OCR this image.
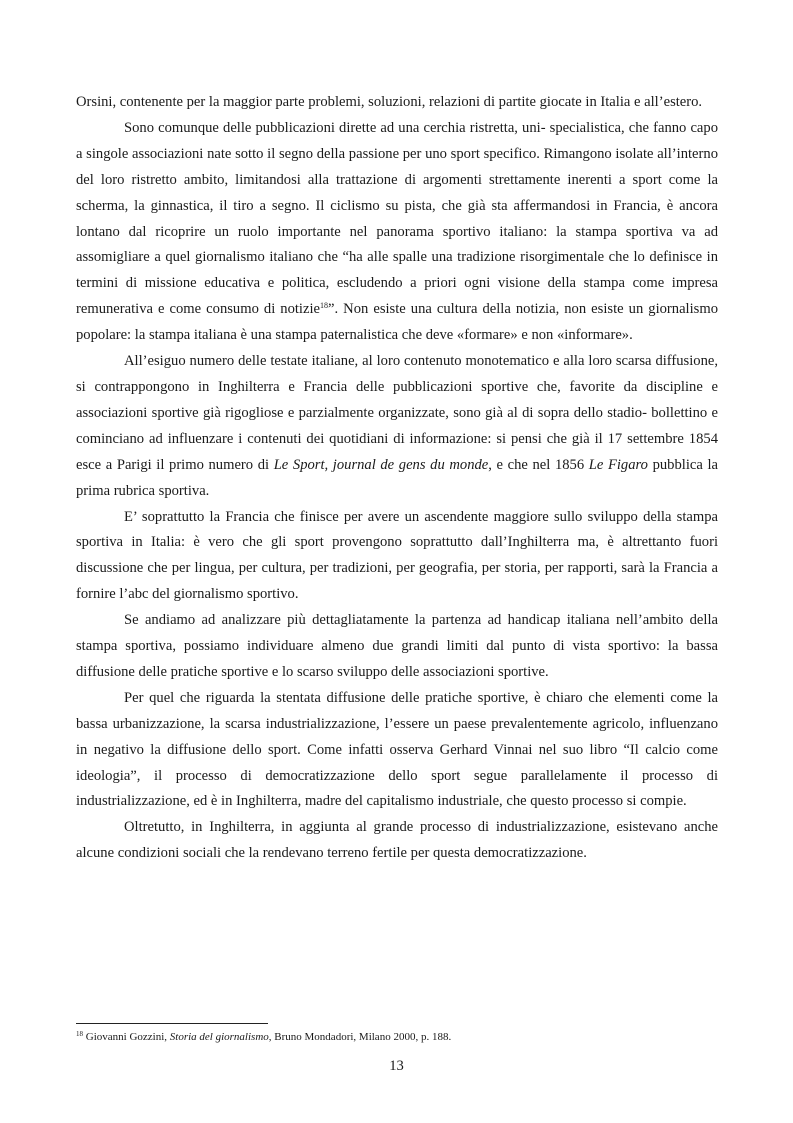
Orsini, contenente per la maggior parte problemi, soluzioni, relazioni di partite giocate in Italia e all’estero.

Sono comunque delle pubblicazioni dirette ad una cerchia ristretta, uni- specialistica, che fanno capo a singole associazioni nate sotto il segno della passione per uno sport specifico. Rimangono isolate all’interno del loro ristretto ambito, limitandosi alla trattazione di argomenti strettamente inerenti a sport come la scherma, la ginnastica, il tiro a segno. Il ciclismo su pista, che già sta affermandosi in Francia, è ancora lontano dal ricoprire un ruolo importante nel panorama sportivo italiano: la stampa sportiva va ad assomigliare a quel giornalismo italiano che “ha alle spalle una tradizione risorgimentale che lo definisce in termini di missione educativa e politica, escludendo a priori ogni visione della stampa come impresa remunerativa e come consumo di notizie$^{18}$”. Non esiste una cultura della notizia, non esiste un giornalismo popolare: la stampa italiana è una stampa paternalistica che deve «formare» e non «informare».

All’esiguo numero delle testate italiane, al loro contenuto monotematico e alla loro scarsa diffusione, si contrappongono in Inghilterra e Francia delle pubblicazioni sportive che, favorite da discipline e associazioni sportive già rigogliose e parzialmente organizzate, sono già al di sopra dello stadio- bollettino e cominciano ad influenzare i contenuti dei quotidiani di informazione: si pensi che già il 17 settembre 1854 esce a Parigi il primo numero di Le Sport, journal de gens du monde, e che nel 1856 Le Figaro pubblica la prima rubrica sportiva.

E’ soprattutto la Francia che finisce per avere un ascendente maggiore sullo sviluppo della stampa sportiva in Italia: è vero che gli sport provengono soprattutto dall’Inghilterra ma, è altrettanto fuori discussione che per lingua, per cultura, per tradizioni, per geografia, per storia, per rapporti, sarà la Francia a fornire l’abc del giornalismo sportivo.

Se andiamo ad analizzare più dettagliatamente la partenza ad handicap italiana nell’ambito della stampa sportiva, possiamo individuare almeno due grandi limiti dal punto di vista sportivo: la bassa diffusione delle pratiche sportive e lo scarso sviluppo delle associazioni sportive.

Per quel che riguarda la stentata diffusione delle pratiche sportive, è chiaro che elementi come la bassa urbanizzazione, la scarsa industrializzazione, l’essere un paese prevalentemente agricolo, influenzano in negativo la diffusione dello sport. Come infatti osserva Gerhard Vinnai nel suo libro “Il calcio come ideologia”, il processo di democratizzazione dello sport segue parallelamente il processo di industrializzazione, ed è in Inghilterra, madre del capitalismo industriale, che questo processo si compie.

Oltretutto, in Inghilterra, in aggiunta al grande processo di industrializzazione, esistevano anche alcune condizioni sociali che la rendevano terreno fertile per questa democratizzazione.

$^{18}$ Giovanni Gozzini, Storia del giornalismo, Bruno Mondadori, Milano 2000, p. 188.
13
